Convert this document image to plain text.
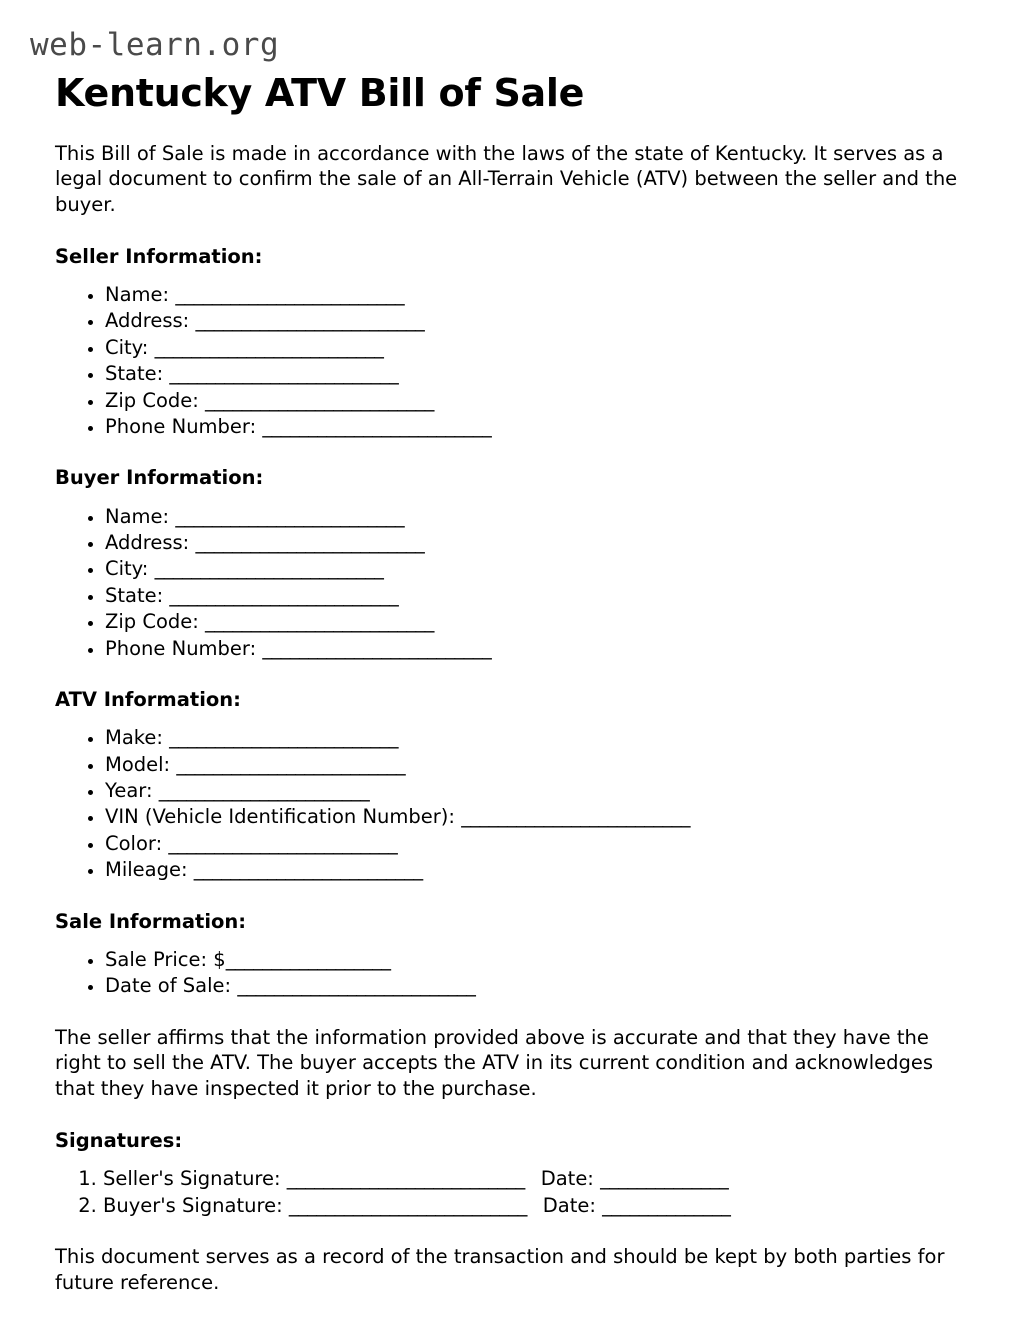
web-learn.org
Kentucky ATV Bill of Sale

This Bill of Sale is made in accordance with the laws of the state of Kentucky. It serves as a legal document to confirm the sale of an All-Terrain Vehicle (ATV) between the seller and the buyer.

Seller Information:
• Name: _________________________
• Address: _________________________
• City: _________________________
• State: _________________________
• Zip Code: _________________________
• Phone Number: _________________________
Buyer Information:
• Name: _________________________
• Address: _________________________
• City: _________________________
• State: _________________________
• Zip Code: _________________________
• Phone Number: _________________________
ATV Information:
• Make: _________________________
• Model: _________________________
• Year: _______________________
• VIN (Vehicle Identification Number): _________________________
• Color: _________________________
• Mileage: _________________________
Sale Information:
• Sale Price: $__________________
• Date of Sale: __________________________

The seller affirms that the information provided above is accurate and that they have the right to sell the ATV. The buyer accepts the ATV in its current condition and acknowledges that they have inspected it prior to the purchase.

Signatures:
1. Seller's Signature: __________________________ Date: ______________
2. Buyer's Signature: __________________________ Date: ______________

This document serves as a record of the transaction and should be kept by both parties for future reference.
